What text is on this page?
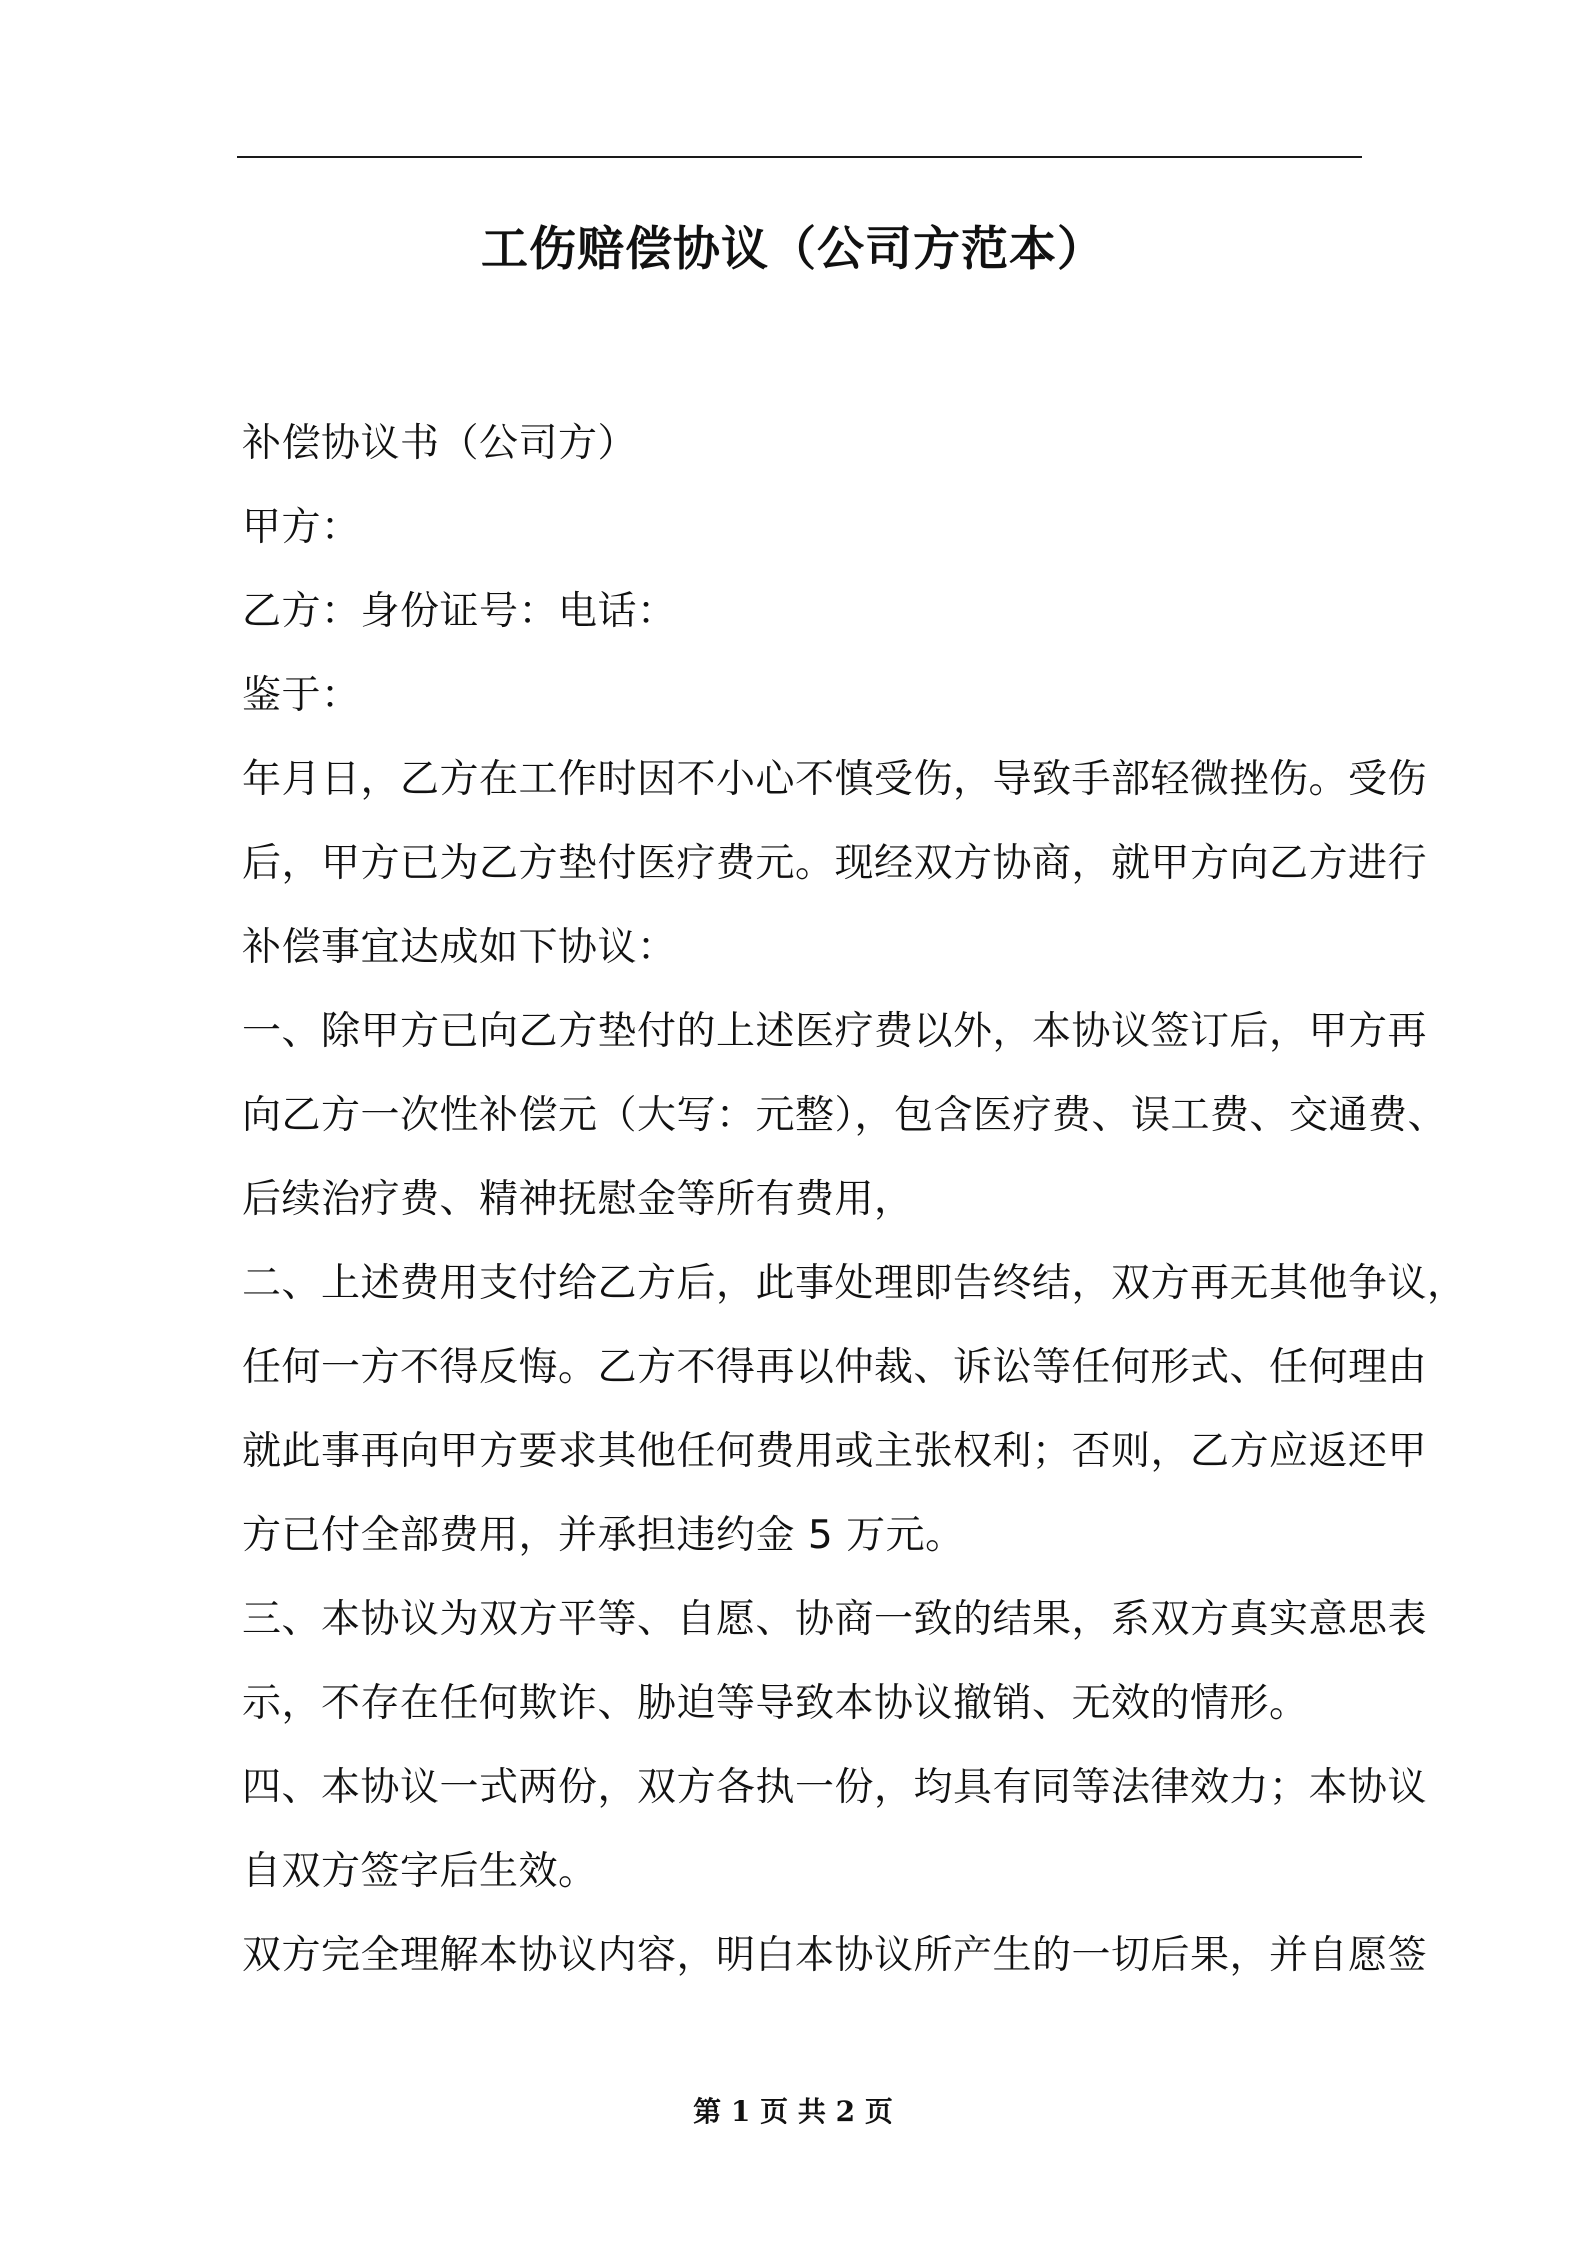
工伤赔偿协议（公司方范本）
补偿协议书（公司方）
甲方：
乙方：身份证号：电话：
鉴于：
年月日，乙方在工作时因不小心不慎受伤，导致手部轻微挫伤。受伤
后，甲方已为乙方垫付医疗费元。现经双方协商，就甲方向乙方进行
补偿事宜达成如下协议：
一、除甲方已向乙方垫付的上述医疗费以外，本协议签订后，甲方再
向乙方一次性补偿元（大写：元整），包含医疗费、误工费、交通费、
后续治疗费、精神抚慰金等所有费用，
二、上述费用支付给乙方后，此事处理即告终结，双方再无其他争议，
任何一方不得反悔。乙方不得再以仲裁、诉讼等任何形式、任何理由
就此事再向甲方要求其他任何费用或主张权利；否则，乙方应返还甲
方已付全部费用，并承担违约金 5 万元。
三、本协议为双方平等、自愿、协商一致的结果，系双方真实意思表
示，不存在任何欺诈、胁迫等导致本协议撤销、无效的情形。
四、本协议一式两份，双方各执一份，均具有同等法律效力；本协议
自双方签字后生效。
双方完全理解本协议内容，明白本协议所产生的一切后果，并自愿签
第 1 页 共 2 页
